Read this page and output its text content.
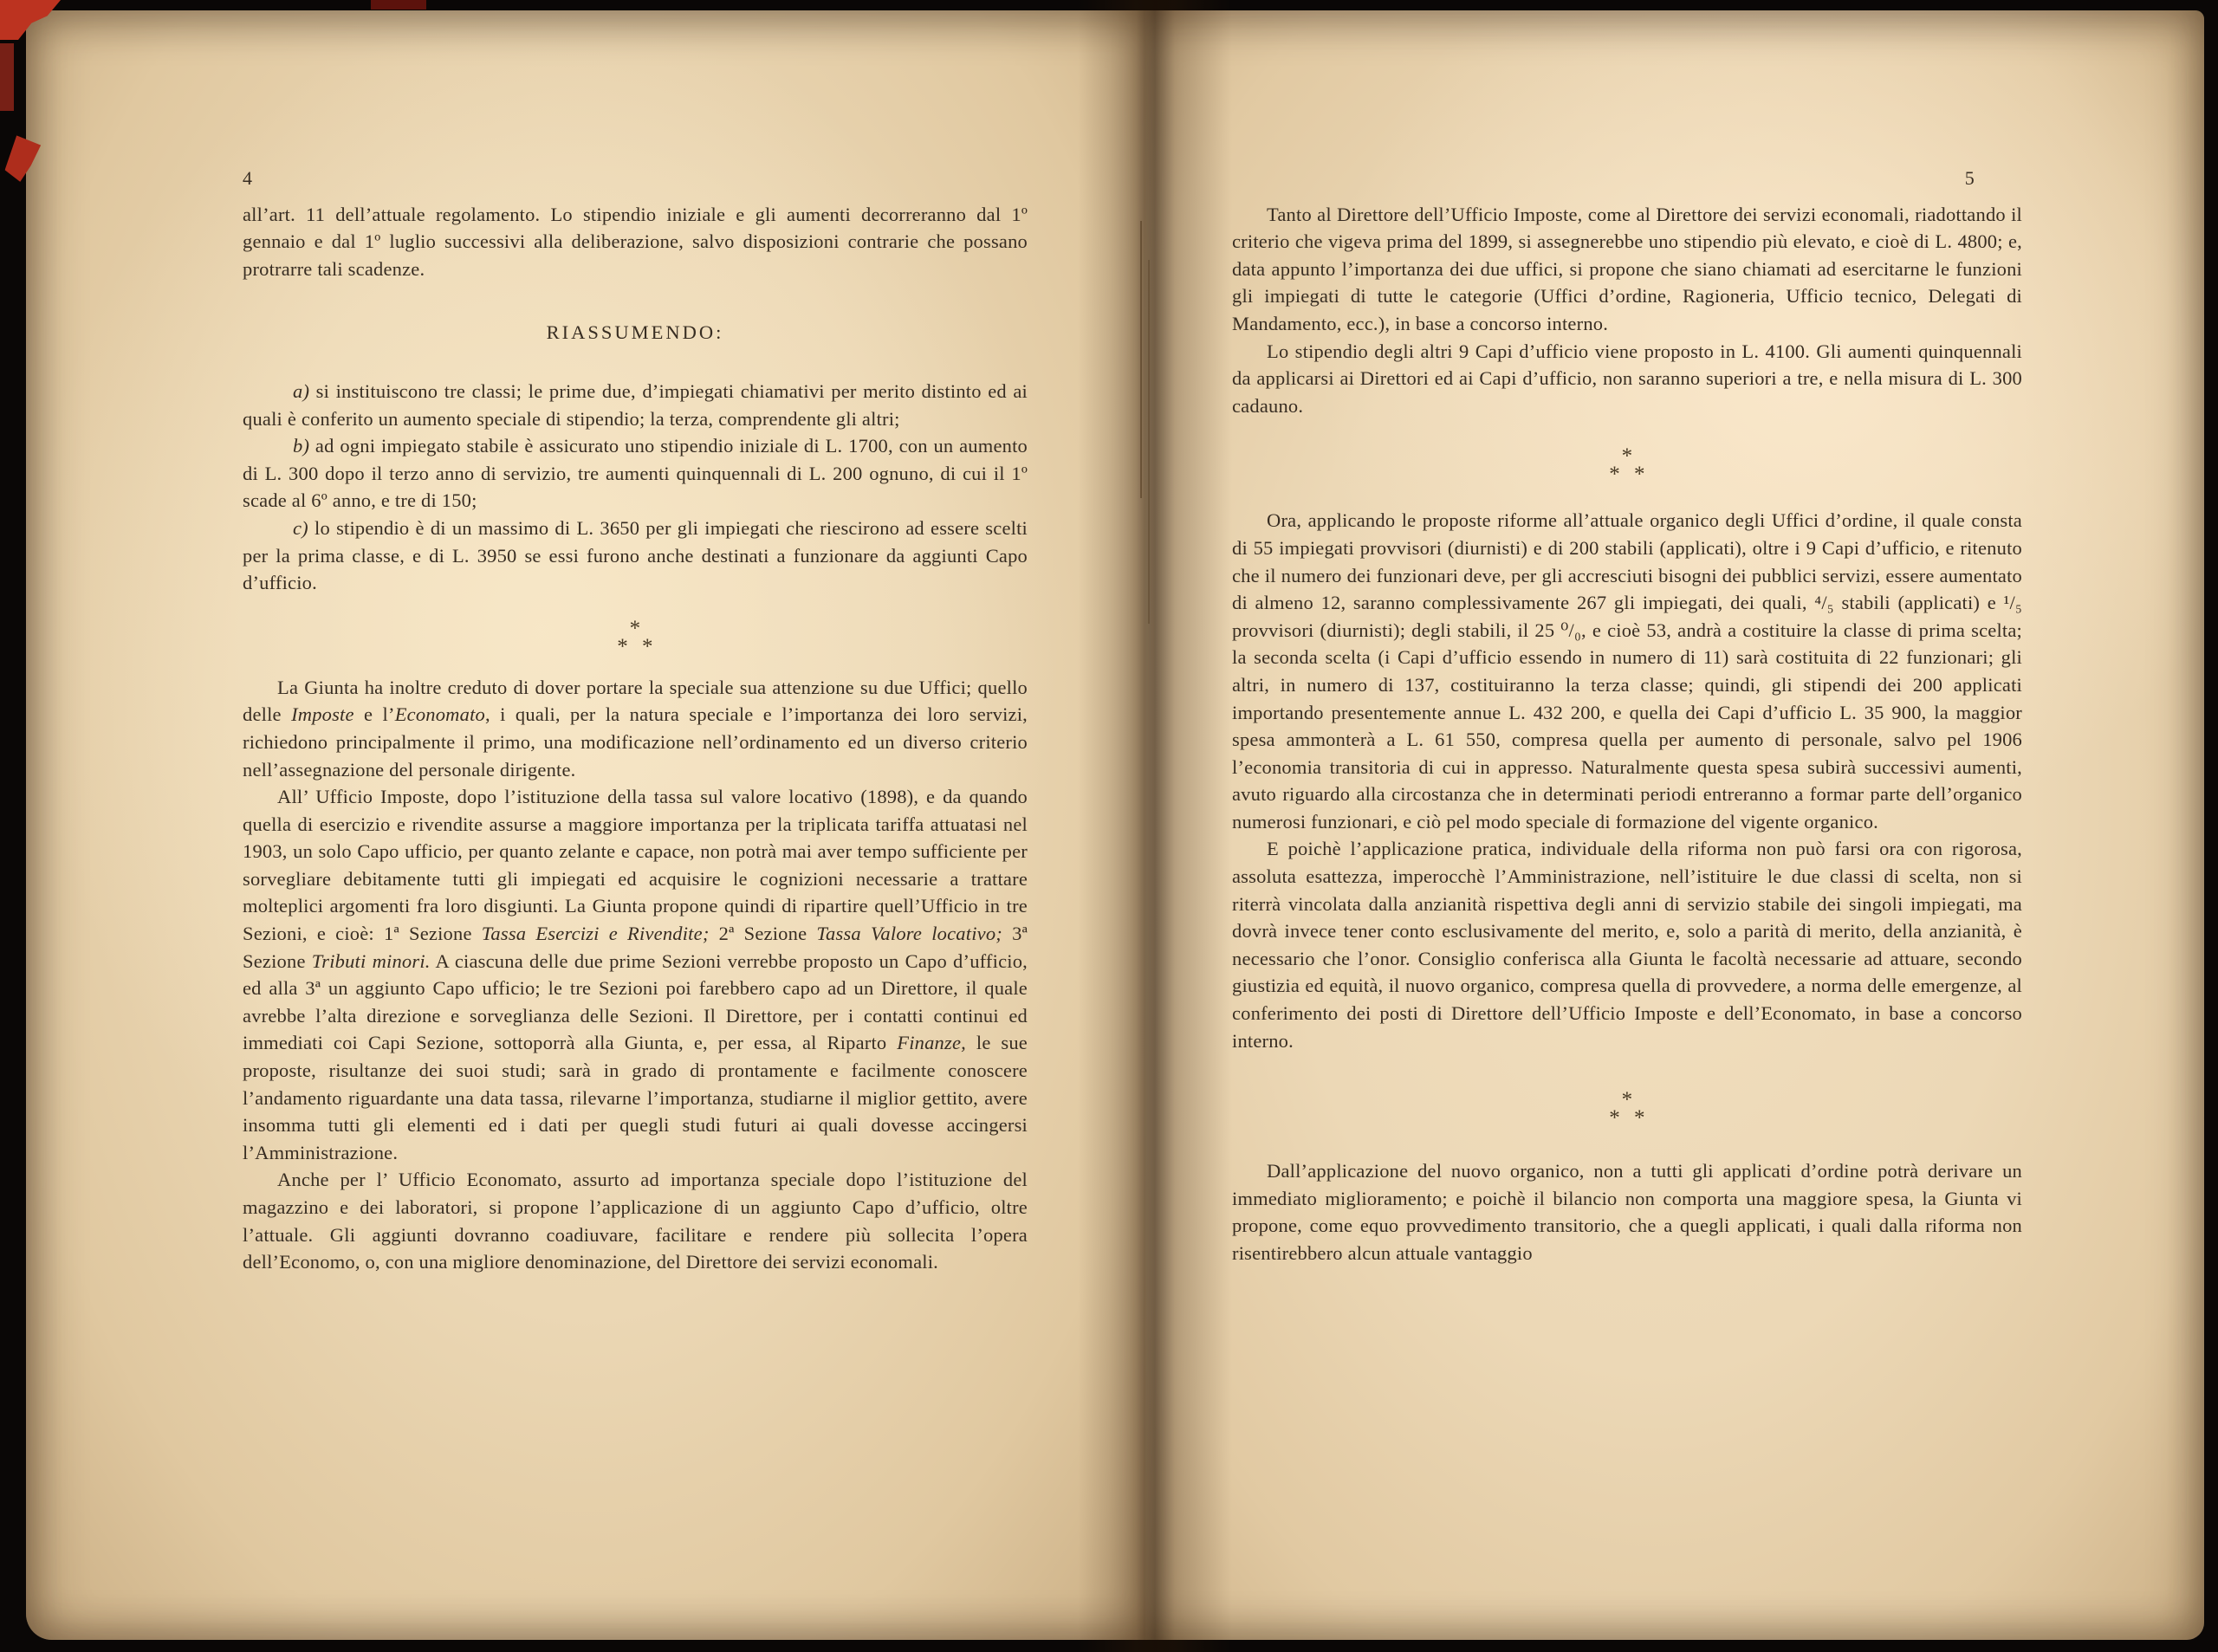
4

all’art. 11 dell’attuale regolamento. Lo stipendio iniziale e gli aumenti decorreranno dal 1º gennaio e dal 1º luglio successivi alla deliberazione, salvo disposizioni contrarie che possano protrarre tali scadenze.

RIASSUMENDO:

a) si instituiscono tre classi; le prime due, d’impiegati chiamativi per merito distinto ed ai quali è conferito un aumento speciale di stipendio; la terza, comprendente gli altri;

b) ad ogni impiegato stabile è assicurato uno stipendio iniziale di L. 1700, con un aumento di L. 300 dopo il terzo anno di servizio, tre aumenti quinquennali di L. 200 ognuno, di cui il 1º scade al 6º anno, e tre di 150;

c) lo stipendio è di un massimo di L. 3650 per gli impiegati che riescirono ad essere scelti per la prima classe, e di L. 3950 se essi furono anche destinati a funzionare da aggiunti Capo d’ufficio.

*
* *

La Giunta ha inoltre creduto di dover portare la speciale sua attenzione su due Uffici; quello delle Imposte e l’Economato, i quali, per la natura speciale e l’importanza dei loro servizi, richiedono principalmente il primo, una modificazione nell’ordinamento ed un diverso criterio nell’assegnazione del personale dirigente.

All’ Ufficio Imposte, dopo l’istituzione della tassa sul valore locativo (1898), e da quando quella di esercizio e rivendite assurse a maggiore importanza per la triplicata tariffa attuatasi nel 1903, un solo Capo ufficio, per quanto zelante e capace, non potrà mai aver tempo sufficiente per sorvegliare debitamente tutti gli impiegati ed acquisire le cognizioni necessarie a trattare molteplici argomenti fra loro disgiunti. La Giunta propone quindi di ripartire quell’Ufficio in tre Sezioni, e cioè: 1ª Sezione Tassa Esercizi e Rivendite; 2ª Sezione Tassa Valore locativo; 3ª Sezione Tributi minori. A ciascuna delle due prime Sezioni verrebbe proposto un Capo d’ufficio, ed alla 3ª un aggiunto Capo ufficio; le tre Sezioni poi farebbero capo ad un Direttore, il quale avrebbe l’alta direzione e sorveglianza delle Sezioni. Il Direttore, per i contatti continui ed immediati coi Capi Sezione, sottoporrà alla Giunta, e, per essa, al Riparto Finanze, le sue proposte, risultanze dei suoi studi; sarà in grado di prontamente e facilmente conoscere l’andamento riguardante una data tassa, rilevarne l’importanza, studiarne il miglior gettito, avere insomma tutti gli elementi ed i dati per quegli studi futuri ai quali dovesse accingersi l’Amministrazione.

Anche per l’ Ufficio Economato, assurto ad importanza speciale dopo l’istituzione del magazzino e dei laboratori, si propone l’applicazione di un aggiunto Capo d’ufficio, oltre l’attuale. Gli aggiunti dovranno coadiuvare, facilitare e rendere più sollecita l’opera dell’Economo, o, con una migliore denominazione, del Direttore dei servizi economali.

5

Tanto al Direttore dell’Ufficio Imposte, come al Direttore dei servizi economali, riadottando il criterio che vigeva prima del 1899, si assegnerebbe uno stipendio più elevato, e cioè di L. 4800; e, data appunto l’importanza dei due uffici, si propone che siano chiamati ad esercitarne le funzioni gli impiegati di tutte le categorie (Uffici d’ordine, Ragioneria, Ufficio tecnico, Delegati di Mandamento, ecc.), in base a concorso interno.

Lo stipendio degli altri 9 Capi d’ufficio viene proposto in L. 4100. Gli aumenti quinquennali da applicarsi ai Direttori ed ai Capi d’ufficio, non saranno superiori a tre, e nella misura di L. 300 cadauno.

*
* *

Ora, applicando le proposte riforme all’attuale organico degli Uffici d’ordine, il quale consta di 55 impiegati provvisori (diurnisti) e di 200 stabili (applicati), oltre i 9 Capi d’ufficio, e ritenuto che il numero dei funzionari deve, per gli accresciuti bisogni dei pubblici servizi, essere aumentato di almeno 12, saranno complessivamente 267 gli impiegati, dei quali, ⁴/₅ stabili (applicati) e ¹/₅ provvisori (diurnisti); degli stabili, il 25 ⁰/₀, e cioè 53, andrà a costituire la classe di prima scelta; la seconda scelta (i Capi d’ufficio essendo in numero di 11) sarà costituita di 22 funzionari; gli altri, in numero di 137, costituiranno la terza classe; quindi, gli stipendi dei 200 applicati importando presentemente annue L. 432 200, e quella dei Capi d’ufficio L. 35 900, la maggior spesa ammonterà a L. 61 550, compresa quella per aumento di personale, salvo pel 1906 l’economia transitoria di cui in appresso. Naturalmente questa spesa subirà successivi aumenti, avuto riguardo alla circostanza che in determinati periodi entreranno a formar parte dell’organico numerosi funzionari, e ciò pel modo speciale di formazione del vigente organico.

E poichè l’applicazione pratica, individuale della riforma non può farsi ora con rigorosa, assoluta esattezza, imperocchè l’Amministrazione, nell’istituire le due classi di scelta, non si riterrà vincolata dalla anzianità rispettiva degli anni di servizio stabile dei singoli impiegati, ma dovrà invece tener conto esclusivamente del merito, e, solo a parità di merito, della anzianità, è necessario che l’onor. Consiglio conferisca alla Giunta le facoltà necessarie ad attuare, secondo giustizia ed equità, il nuovo organico, compresa quella di provvedere, a norma delle emergenze, al conferimento dei posti di Direttore dell’Ufficio Imposte e dell’Economato, in base a concorso interno.

*
* *

Dall’applicazione del nuovo organico, non a tutti gli applicati d’ordine potrà derivare un immediato miglioramento; e poichè il bilancio non comporta una maggiore spesa, la Giunta vi propone, come equo provvedimento transitorio, che a quegli applicati, i quali dalla riforma non risentirebbero alcun attuale vantaggio
